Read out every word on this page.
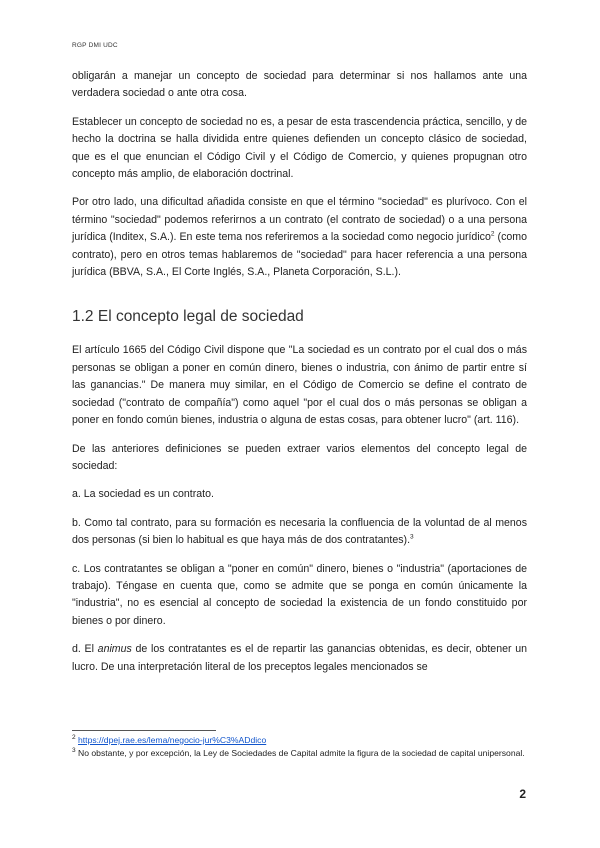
RGP DMI UDC

obligarán a manejar un concepto de sociedad para determinar si nos hallamos ante una verdadera sociedad o ante otra cosa.

Establecer un concepto de sociedad no es, a pesar de esta trascendencia práctica, sencillo, y de hecho la doctrina se halla dividida entre quienes defienden un concepto clásico de sociedad, que es el que enuncian el Código Civil y el Código de Comercio, y quienes propugnan otro concepto más amplio, de elaboración doctrinal.

Por otro lado, una dificultad añadida consiste en que el término "sociedad" es plurívoco. Con el término "sociedad" podemos referirnos a un contrato (el contrato de sociedad) o a una persona jurídica (Inditex, S.A.). En este tema nos referiremos a la sociedad como negocio jurídico$^2$ (como contrato), pero en otros temas hablaremos de "sociedad" para hacer referencia a una persona jurídica (BBVA, S.A., El Corte Inglés, S.A., Planeta Corporación, S.L.).

1.2 El concepto legal de sociedad

El artículo 1665 del Código Civil dispone que "La sociedad es un contrato por el cual dos o más personas se obligan a poner en común dinero, bienes o industria, con ánimo de partir entre sí las ganancias." De manera muy similar, en el Código de Comercio se define el contrato de sociedad ("contrato de compañía") como aquel "por el cual dos o más personas se obligan a poner en fondo común bienes, industria o alguna de estas cosas, para obtener lucro" (art. 116).

De las anteriores definiciones se pueden extraer varios elementos del concepto legal de sociedad:

a. La sociedad es un contrato.

b. Como tal contrato, para su formación es necesaria la confluencia de la voluntad de al menos dos personas (si bien lo habitual es que haya más de dos contratantes).$^3$

c. Los contratantes se obligan a "poner en común" dinero, bienes o "industria" (aportaciones de trabajo). Téngase en cuenta que, como se admite que se ponga en común únicamente la "industria", no es esencial al concepto de sociedad la existencia de un fondo constituido por bienes o por dinero.

d. El animus de los contratantes es el de repartir las ganancias obtenidas, es decir, obtener un lucro. De una interpretación literal de los preceptos legales mencionados se

$^2$ https://dpej.rae.es/lema/negocio-jur%C3%ADdico
$^3$ No obstante, y por excepción, la Ley de Sociedades de Capital admite la figura de la sociedad de capital unipersonal.
2
